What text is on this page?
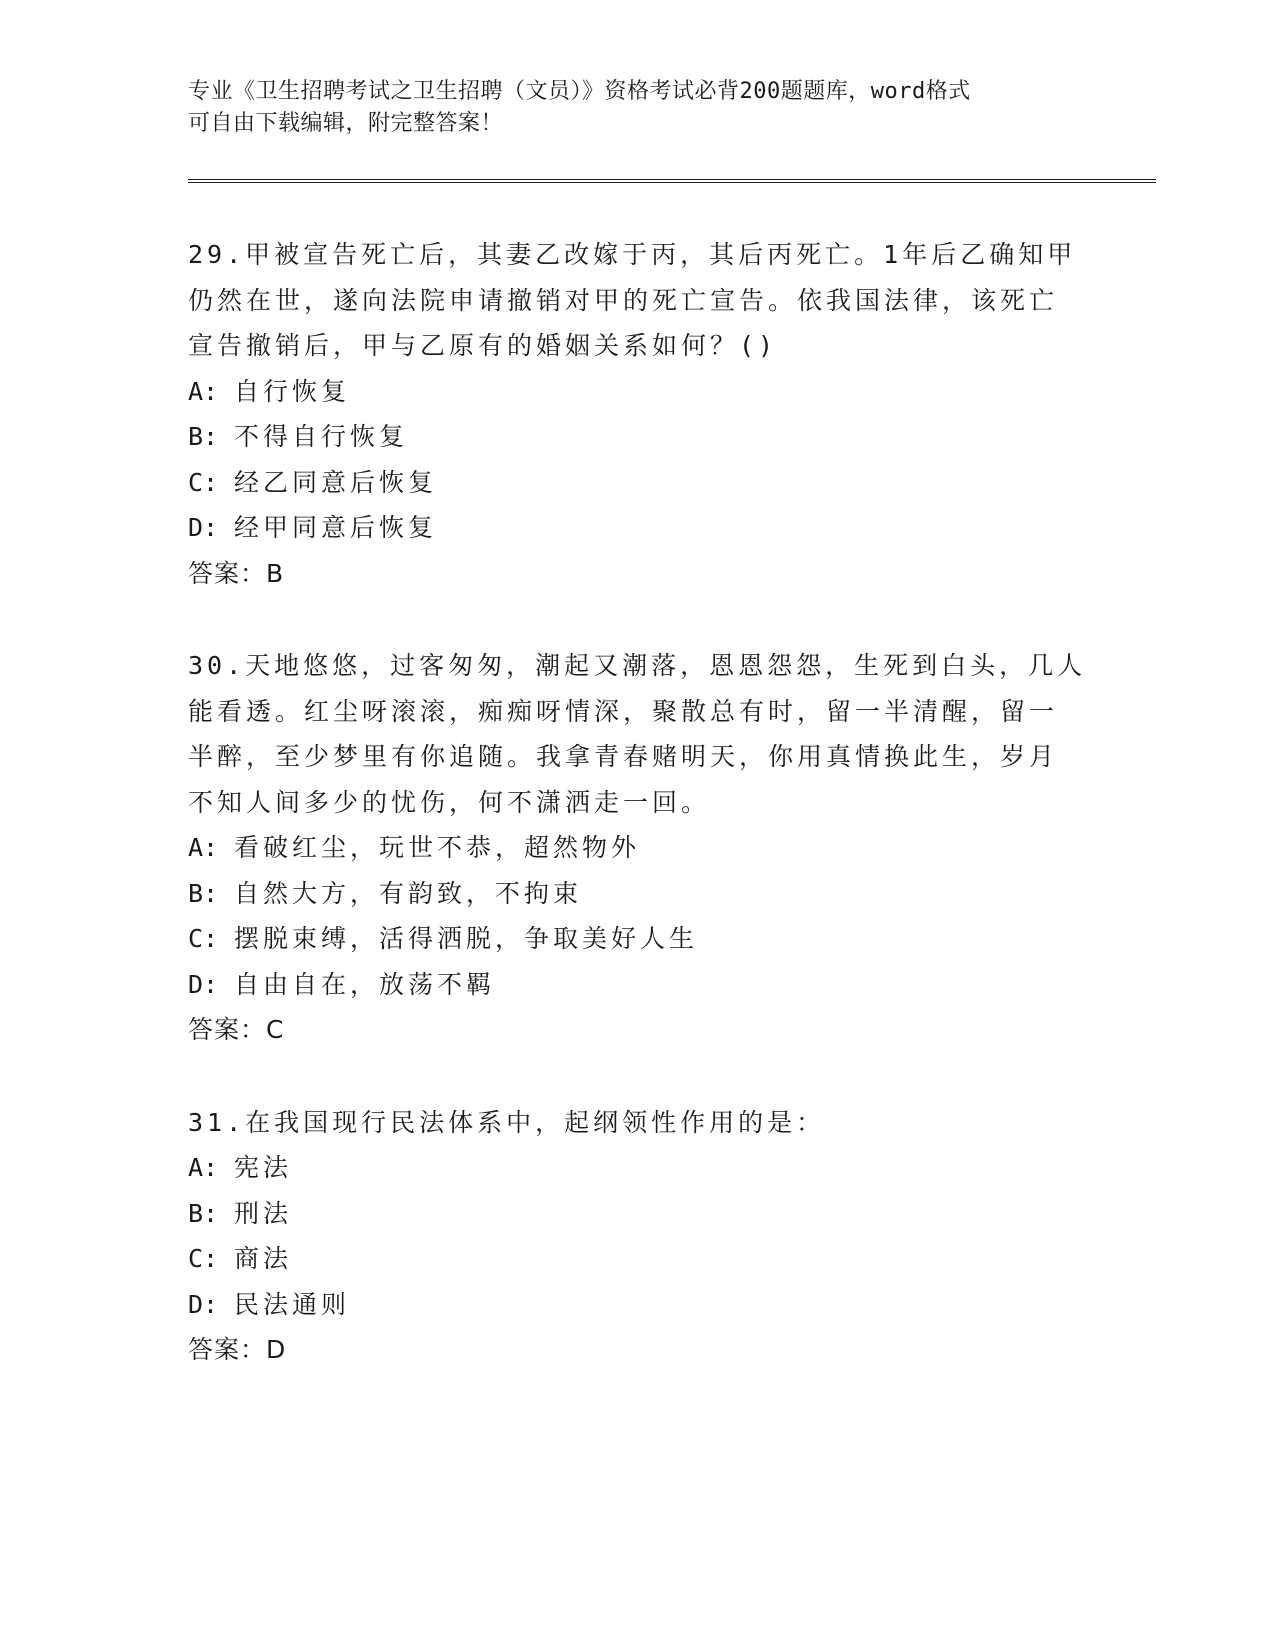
专业《卫生招聘考试之卫生招聘（文员）》资格考试必背200题题库，word格式
可自由下载编辑，附完整答案！
29.甲被宣告死亡后，其妻乙改嫁于丙，其后丙死亡。1年后乙确知甲
仍然在世，遂向法院申请撤销对甲的死亡宣告。依我国法律，该死亡
宣告撤销后，甲与乙原有的婚姻关系如何？()
A: 自行恢复
B: 不得自行恢复
C: 经乙同意后恢复
D: 经甲同意后恢复
答案：B
30.天地悠悠，过客匆匆，潮起又潮落，恩恩怨怨，生死到白头，几人
能看透。红尘呀滚滚，痴痴呀情深，聚散总有时，留一半清醒，留一
半醉，至少梦里有你追随。我拿青春赌明天，你用真情换此生，岁月
不知人间多少的忧伤，何不潇洒走一回。
A: 看破红尘，玩世不恭，超然物外
B: 自然大方，有韵致，不拘束
C: 摆脱束缚，活得洒脱，争取美好人生
D: 自由自在，放荡不羁
答案：C
31.在我国现行民法体系中，起纲领性作用的是：
A: 宪法
B: 刑法
C: 商法
D: 民法通则
答案：D
